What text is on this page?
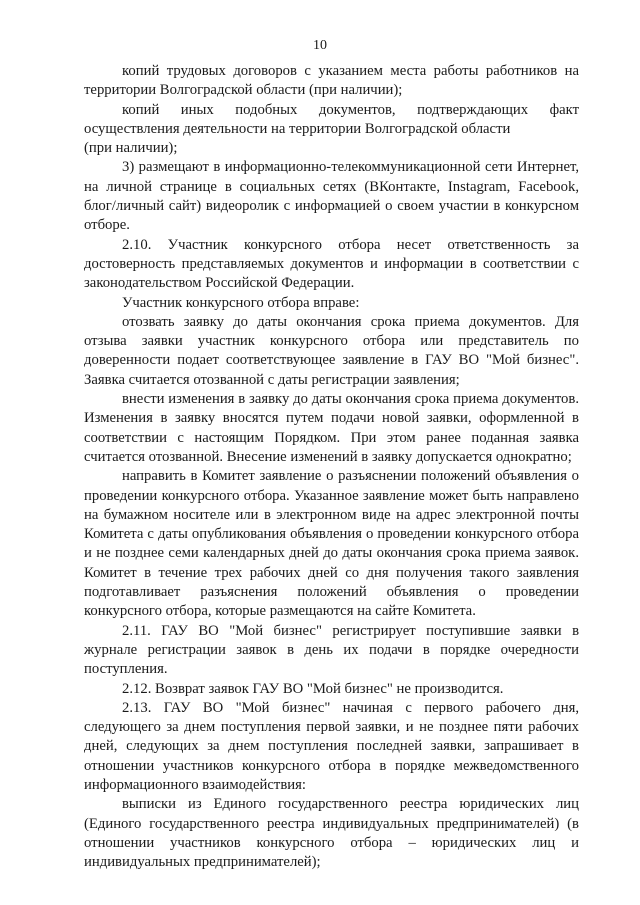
10

копий трудовых договоров с указанием места работы работников на территории Волгоградской области (при наличии);

копий иных подобных документов, подтверждающих факт осуществления деятельности на территории Волгоградской области

(при наличии);

3) размещают в информационно-телекоммуникационной сети Интернет, на личной странице в социальных сетях (ВКонтакте, Instagram, Facebook, блог/личный сайт) видеоролик с информацией о своем участии в конкурсном отборе.

2.10. Участник конкурсного отбора несет ответственность за достоверность представляемых документов и информации в соответствии с законодательством Российской Федерации.

Участник конкурсного отбора вправе:

отозвать заявку до даты окончания срока приема документов. Для отзыва заявки участник конкурсного отбора или представитель по доверенности подает соответствующее заявление в ГАУ ВО "Мой бизнес". Заявка считается отозванной с даты регистрации заявления;

внести изменения в заявку до даты окончания срока приема документов. Изменения в заявку вносятся путем подачи новой заявки, оформленной в соответствии с настоящим Порядком. При этом ранее поданная заявка считается отозванной. Внесение изменений в заявку допускается однократно;

направить в Комитет заявление о разъяснении положений объявления о проведении конкурсного отбора. Указанное заявление может быть направлено на бумажном носителе или в электронном виде на адрес электронной почты Комитета с даты опубликования объявления о проведении конкурсного отбора и не позднее семи календарных дней до даты окончания срока приема заявок. Комитет в течение трех рабочих дней со дня получения такого заявления подготавливает разъяснения положений объявления о проведении конкурсного отбора, которые размещаются на сайте Комитета.

2.11. ГАУ ВО "Мой бизнес" регистрирует поступившие заявки в журнале регистрации заявок в день их подачи в порядке очередности поступления.

2.12. Возврат заявок ГАУ ВО "Мой бизнес" не производится.

2.13. ГАУ ВО "Мой бизнес" начиная с первого рабочего дня, следующего за днем поступления первой заявки, и не позднее пяти рабочих дней, следующих за днем поступления последней заявки, запрашивает в отношении участников конкурсного отбора в порядке межведомственного информационного взаимодействия:

выписки из Единого государственного реестра юридических лиц (Единого государственного реестра индивидуальных предпринимателей) (в отношении участников конкурсного отбора – юридических лиц и индивидуальных предпринимателей);
